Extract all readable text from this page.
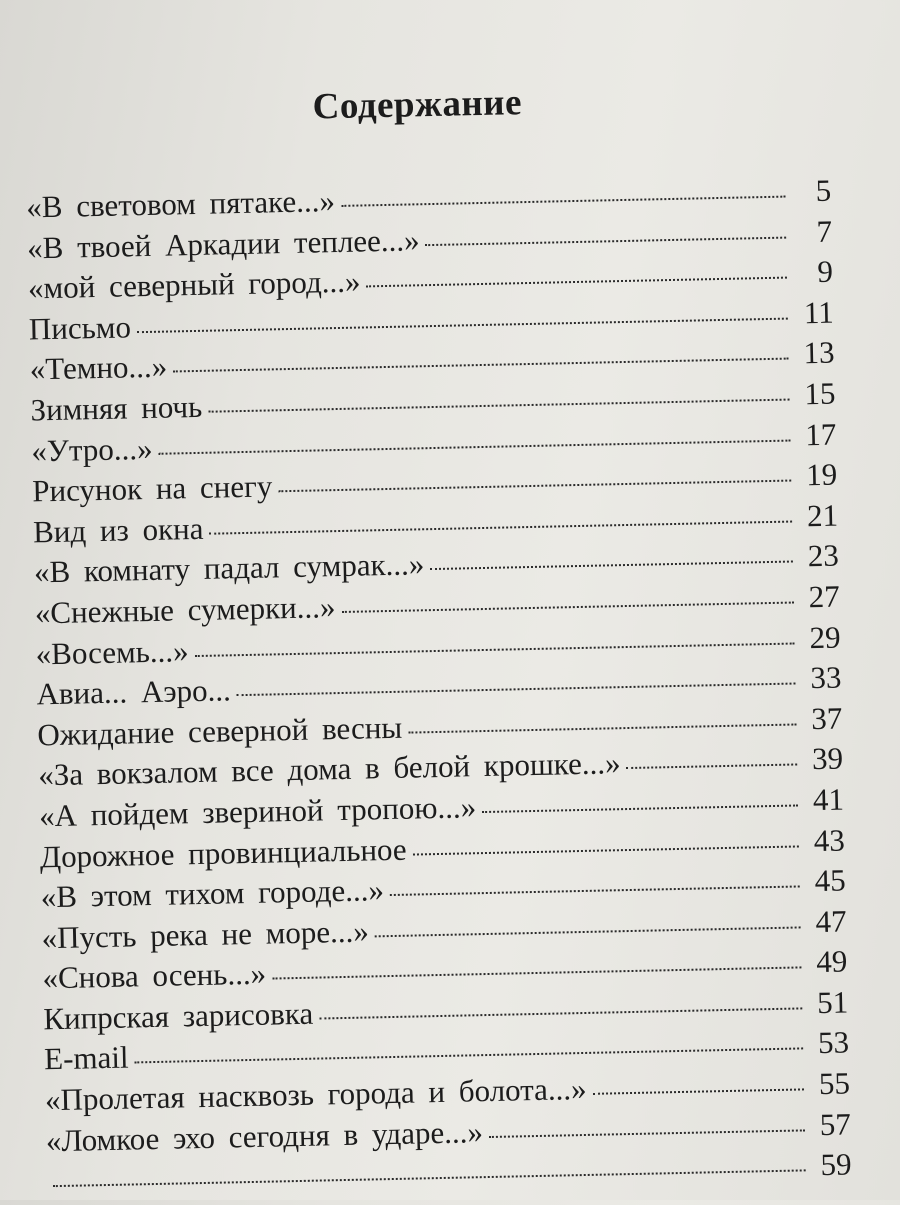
Содержание
«В световом пятаке...»	5
«В твоей Аркадии теплее...»	7
«мой северный город...»	9
Письмо	11
«Темно...»	13
Зимняя ночь	15
«Утро...»	17
Рисунок на снегу	19
Вид из окна	21
«В комнату падал сумрак...»	23
«Снежные сумерки...»	27
«Восемь...»	29
Авиа... Аэро...	33
Ожидание северной весны	37
«За вокзалом все дома в белой крошке...»	39
«А пойдем звериной тропою...»	41
Дорожное провинциальное	43
«В этом тихом городе...»	45
«Пусть река не море...»	47
«Снова осень...»	49
Кипрская зарисовка	51
E-mail	53
«Пролетая насквозь города и болота...»	55
«Ломкое эхо сегодня в ударе...»	57
59
